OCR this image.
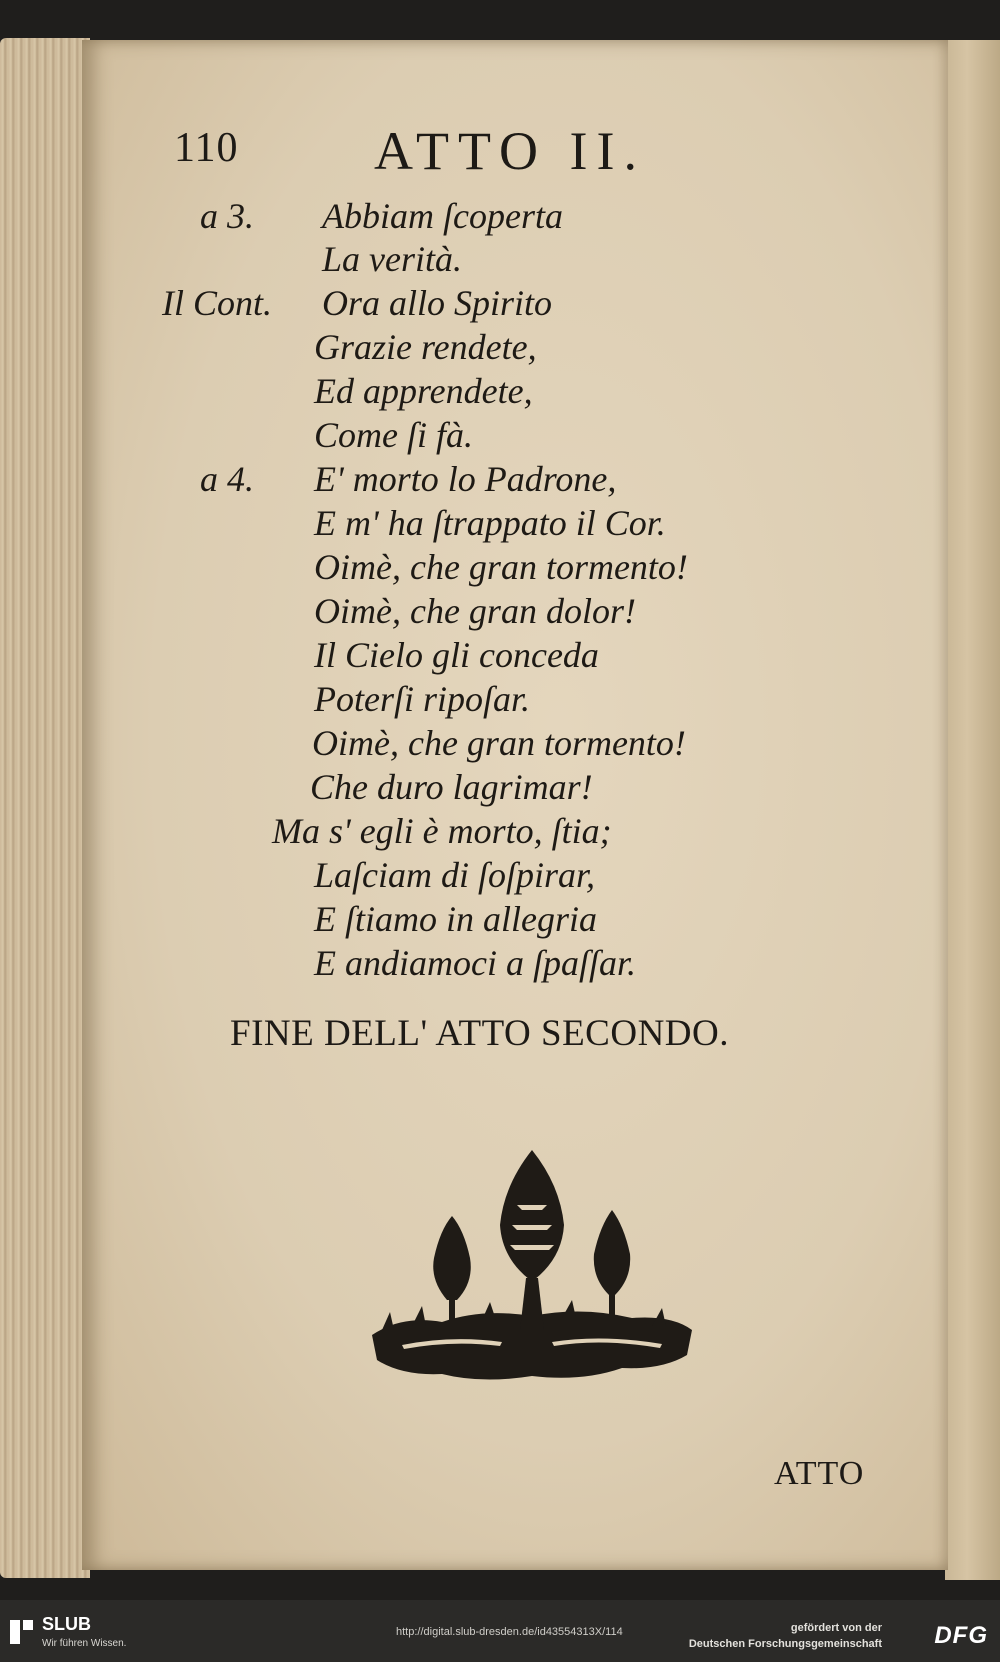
110	ATTO II.
a 3. Abbiam ſcoperta
La verità.
Il Cont. Ora allo Spirito
Grazie rendete,
Ed apprendete,
Come ſi fà.
a 4. E' morto lo Padrone,
E m' ha ſtrappato il Cor.
Oimè, che gran tormento!
Oimè, che gran dolor!
Il Cielo gli conceda
Poterſi ripoſar.
Oimè, che gran tormento!
Che duro lagrimar!
Ma s' egli è morto, ſtia;
Laſciam di ſoſpirar,
E ſtiamo in allegria
E andiamoci a ſpaſſar.
FINE DELL' ATTO SECONDO.
ATTO
SLUB
Wir führen Wissen.
http://digital.slub-dresden.de/id43554313X/114	gefördert von der
Deutschen Forschungsgemeinschaft DFG
